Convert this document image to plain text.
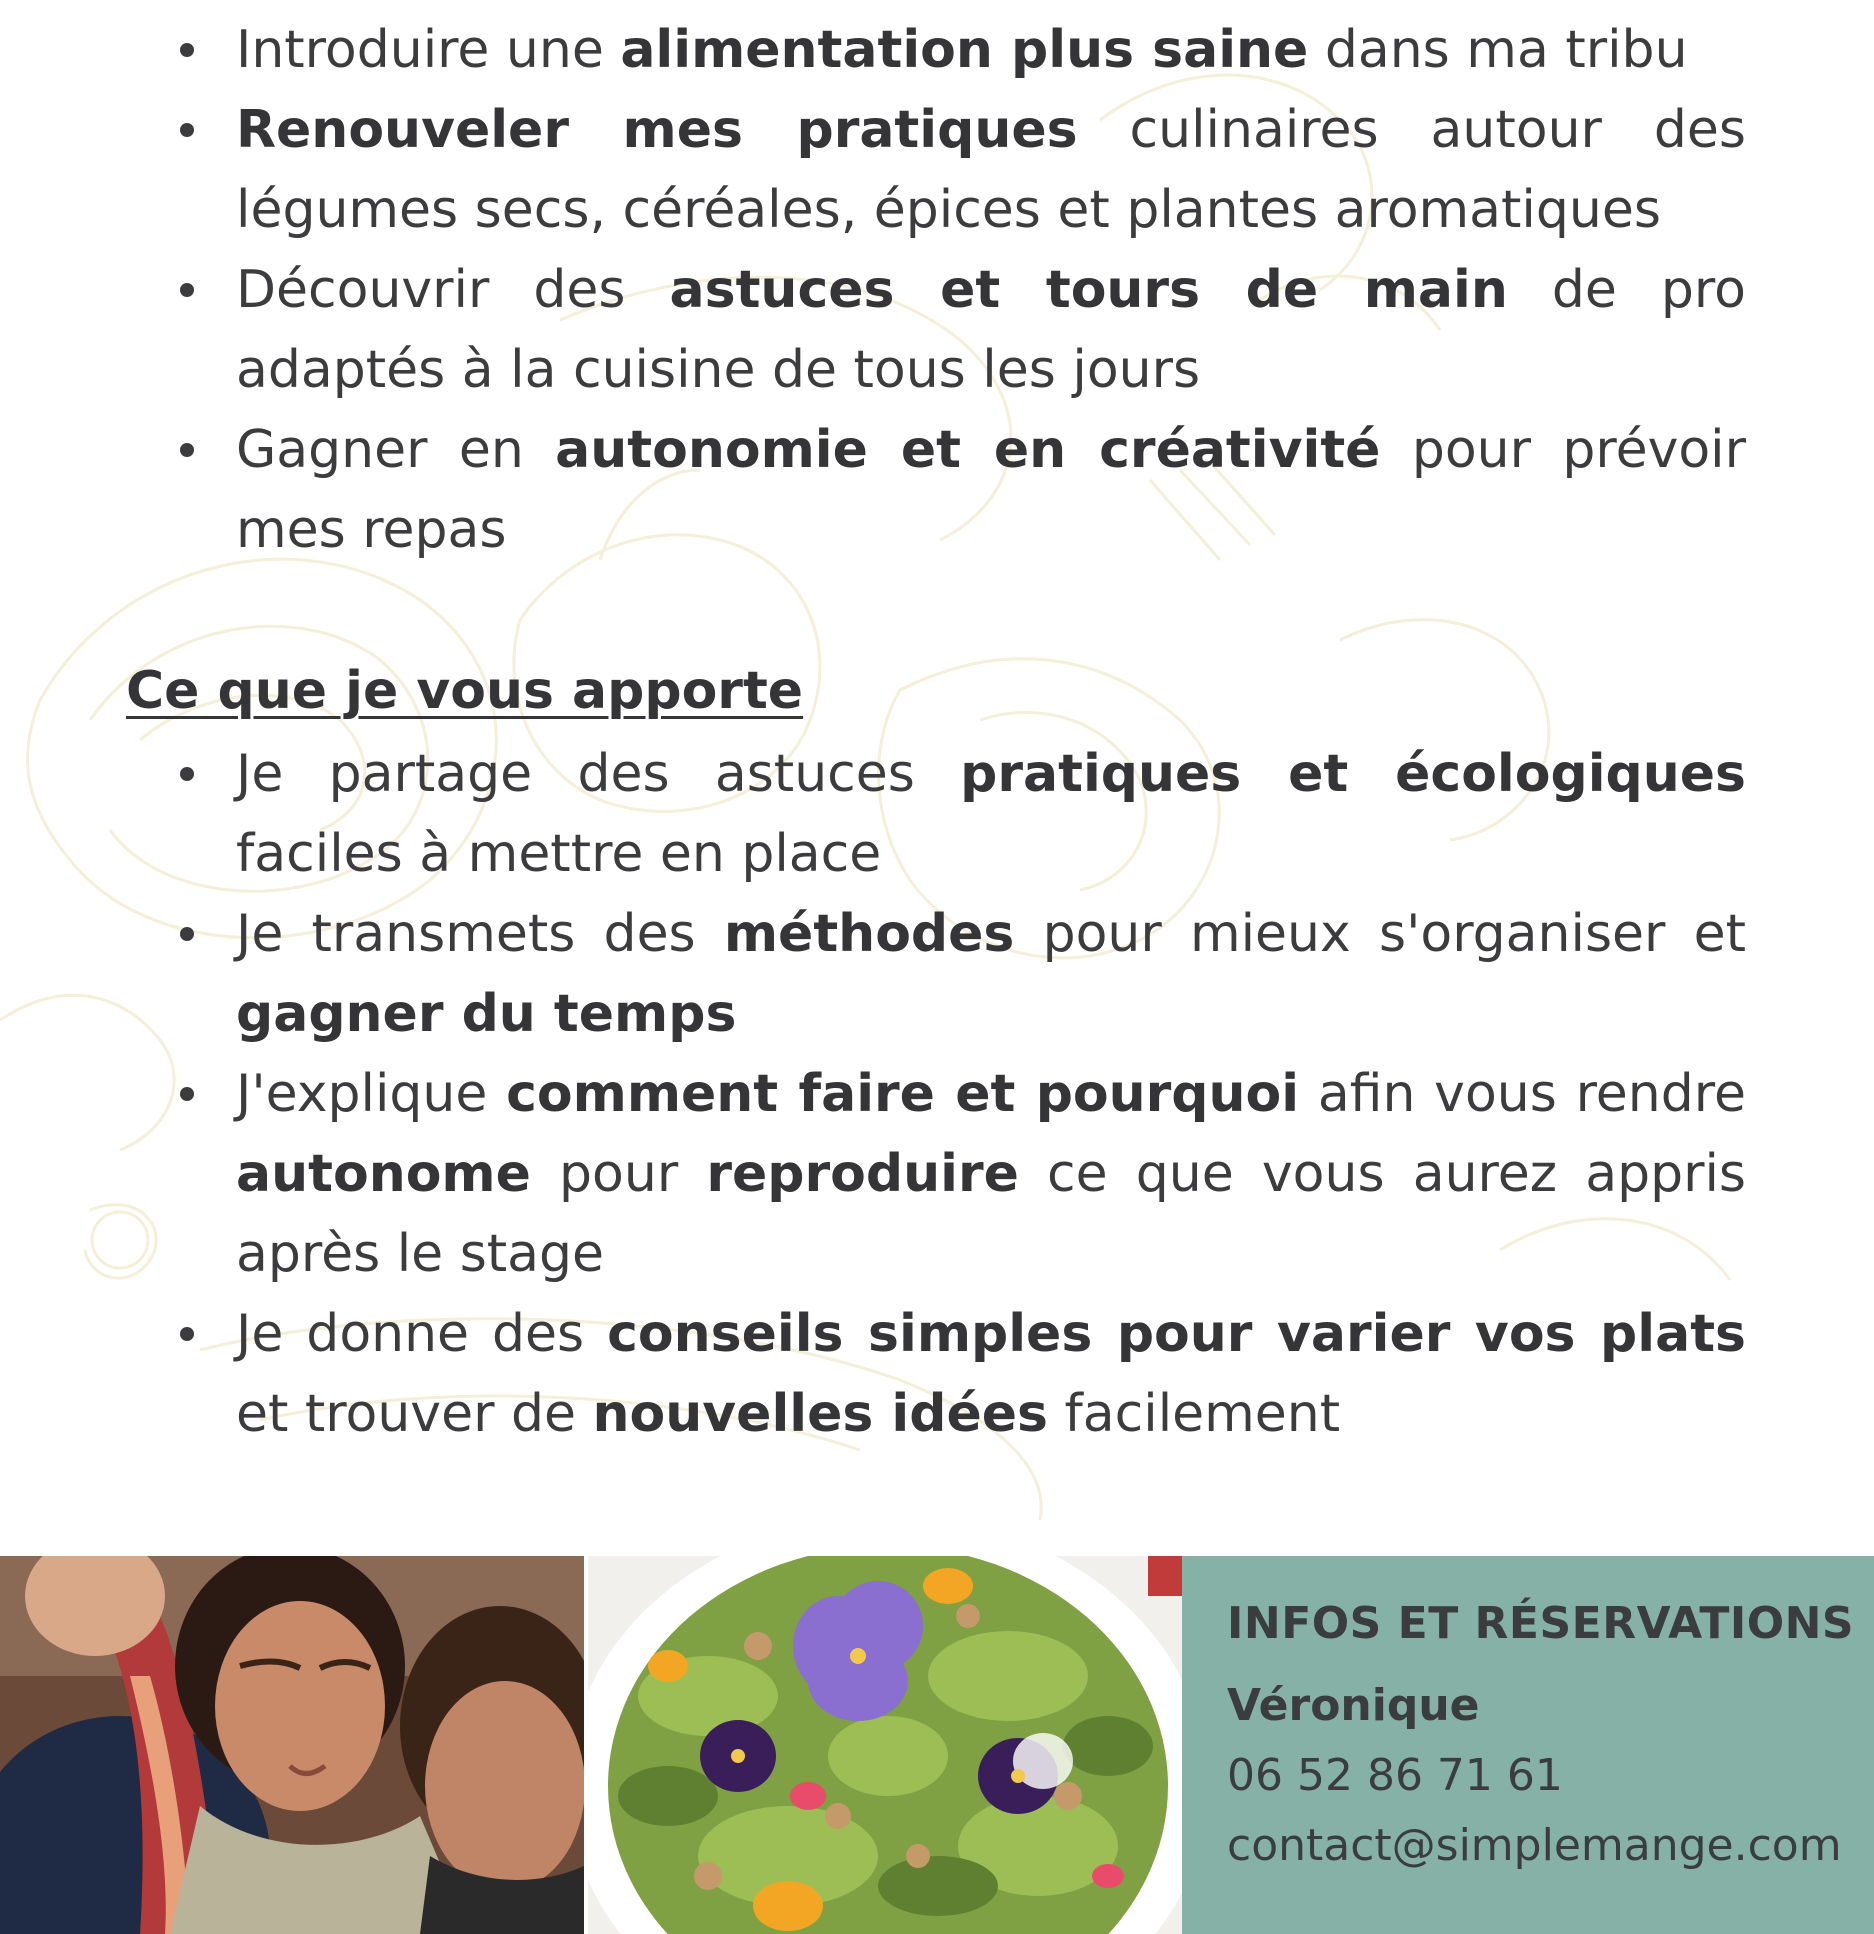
Introduire une alimentation plus saine dans ma tribu
Renouveler mes pratiques culinaires autour des légumes secs, céréales, épices et plantes aromatiques
Découvrir des astuces et tours de main de pro adaptés à la cuisine de tous les jours
Gagner en autonomie et en créativité pour prévoir mes repas
Ce que je vous apporte
Je partage des astuces pratiques et écologiques faciles à mettre en place
Je transmets des méthodes pour mieux s'organiser et gagner du temps
J'explique comment faire et pourquoi afin vous rendre autonome pour reproduire ce que vous aurez appris après le stage
Je donne des conseils simples pour varier vos plats et trouver de nouvelles idées facilement
INFOS ET RÉSERVATIONS
Véronique
06 52 86 71 61
contact@simplemange.com
